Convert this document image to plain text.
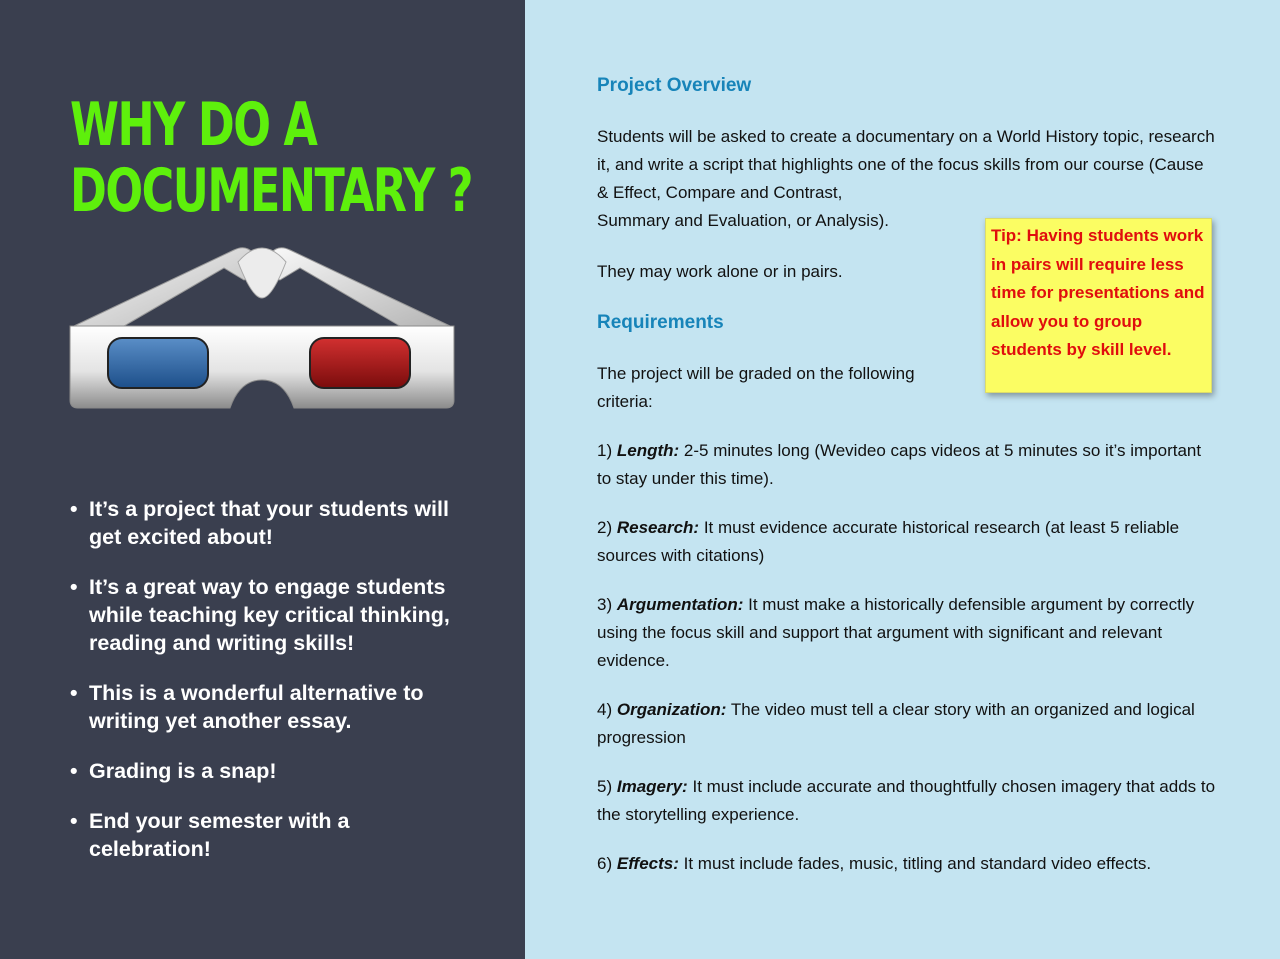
WHY DO A
DOCUMENTARY ?
• It’s a project that your students will get excited about!
• It’s a great way to engage students while teaching key critical thinking, reading and writing skills!
• This is a wonderful alternative to writing yet another essay.
• Grading is a snap!
• End your semester with a celebration!
Project Overview

Students will be asked to create a documentary on a World History topic, research it, and write a script that highlights one of the focus skills from our course (Cause & Effect, Compare and Contrast,
Summary and Evaluation, or Analysis).

They may work alone or in pairs.

Requirements

The project will be graded on the following
criteria:

1) Length: 2-5 minutes long (Wevideo caps videos at 5 minutes so it’s important to stay under this time).

2) Research: It must evidence accurate historical research (at least 5 reliable sources with citations)

3) Argumentation: It must make a historically defensible argument by correctly using the focus skill and support that argument with significant and relevant evidence.

4) Organization: The video must tell a clear story with an organized and logical progression

5) Imagery: It must include accurate and thoughtfully chosen imagery that adds to the storytelling experience.

6) Effects: It must include fades, music, titling and standard video effects.

Tip: Having students work in pairs will require less time for presentations and allow you to group students by skill level.
